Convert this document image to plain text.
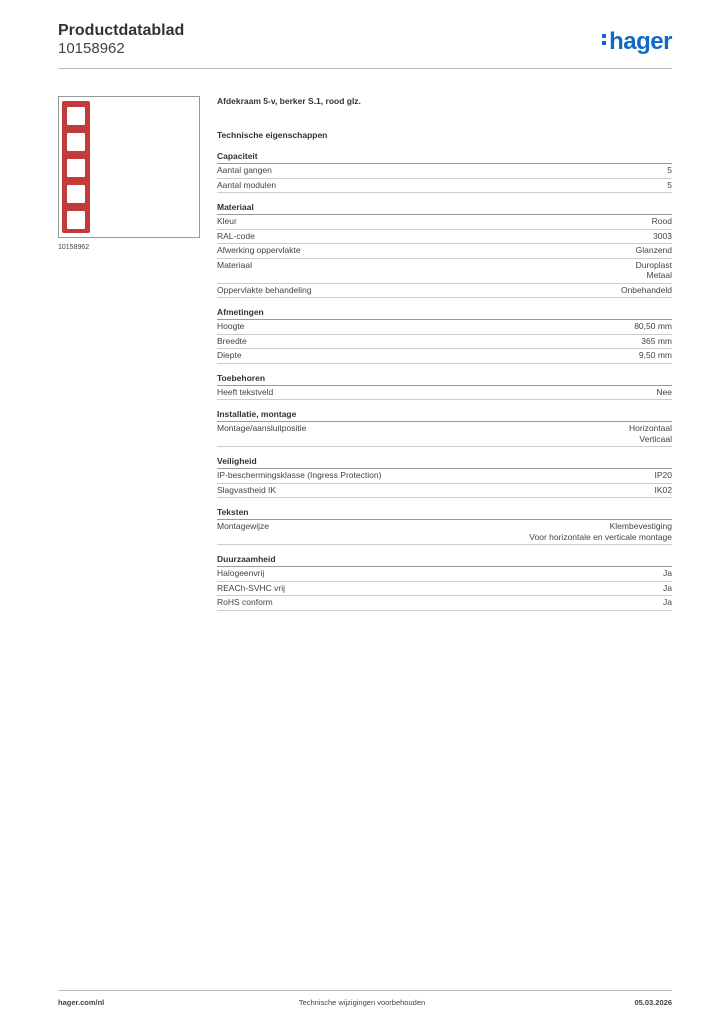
Productdatablad
10158962	hager
10158962
Afdekraam 5-v, berker S.1, rood glz.
Technische eigenschappen
Capaciteit
Aantal gangen	5
Aantal modulen	5
Materiaal
Kleur	Rood
RAL-code	3003
Afwerking oppervlakte	Glanzend
Materiaal	Duroplast
Metaal
Oppervlakte behandeling	Onbehandeld
Afmetingen
Hoogte	80,50 mm
Breedte	365 mm
Diepte	9,50 mm
Toebehoren
Heeft tekstveld	Nee
Installatie, montage
Montage/aansluitpositie	Horizontaal
Verticaal
Veiligheid
IP-beschermingsklasse (Ingress Protection)	IP20
Slagvastheid IK	IK02
Teksten
Montagewijze	Klembevestiging
Voor horizontale en verticale montage
Duurzaamheid
Halogeenvrij	Ja
REACh-SVHC vrij	Ja
RoHS conform	Ja
hager.com/nl	Technische wijzigingen voorbehouden	05.03.2026
